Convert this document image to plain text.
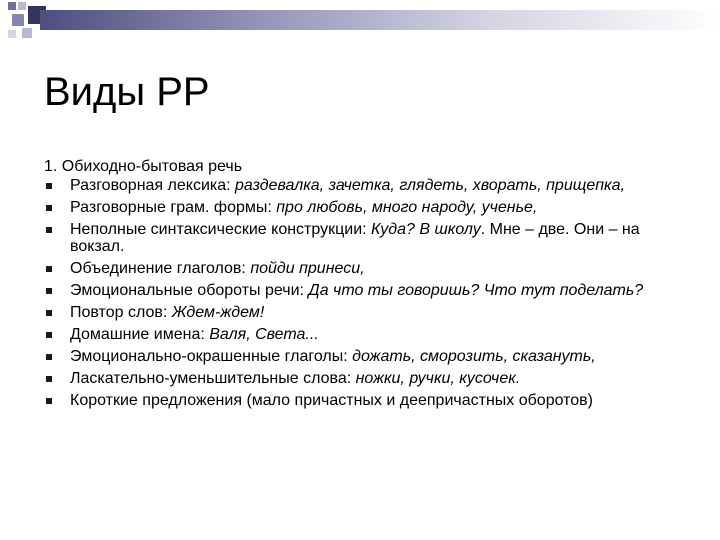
Виды РР
1. Обиходно-бытовая речь
Разговорная лексика: раздевалка, зачетка, глядеть, хворать, прищепка,
Разговорные грам. формы: про любовь, много народу, ученье,
Неполные синтаксические конструкции: Куда? В школу. Мне – две. Они – на вокзал.
Объединение глаголов: пойди принеси,
Эмоциональные обороты речи: Да что ты говоришь? Что тут поделать?
Повтор слов: Ждем-ждем!
Домашние имена: Валя, Света...
Эмоционально-окрашенные глаголы: дожать, сморозить, сказануть,
Ласкательно-уменьшительные слова: ножки, ручки, кусочек.
Короткие предложения (мало причастных и деепричастных оборотов)
